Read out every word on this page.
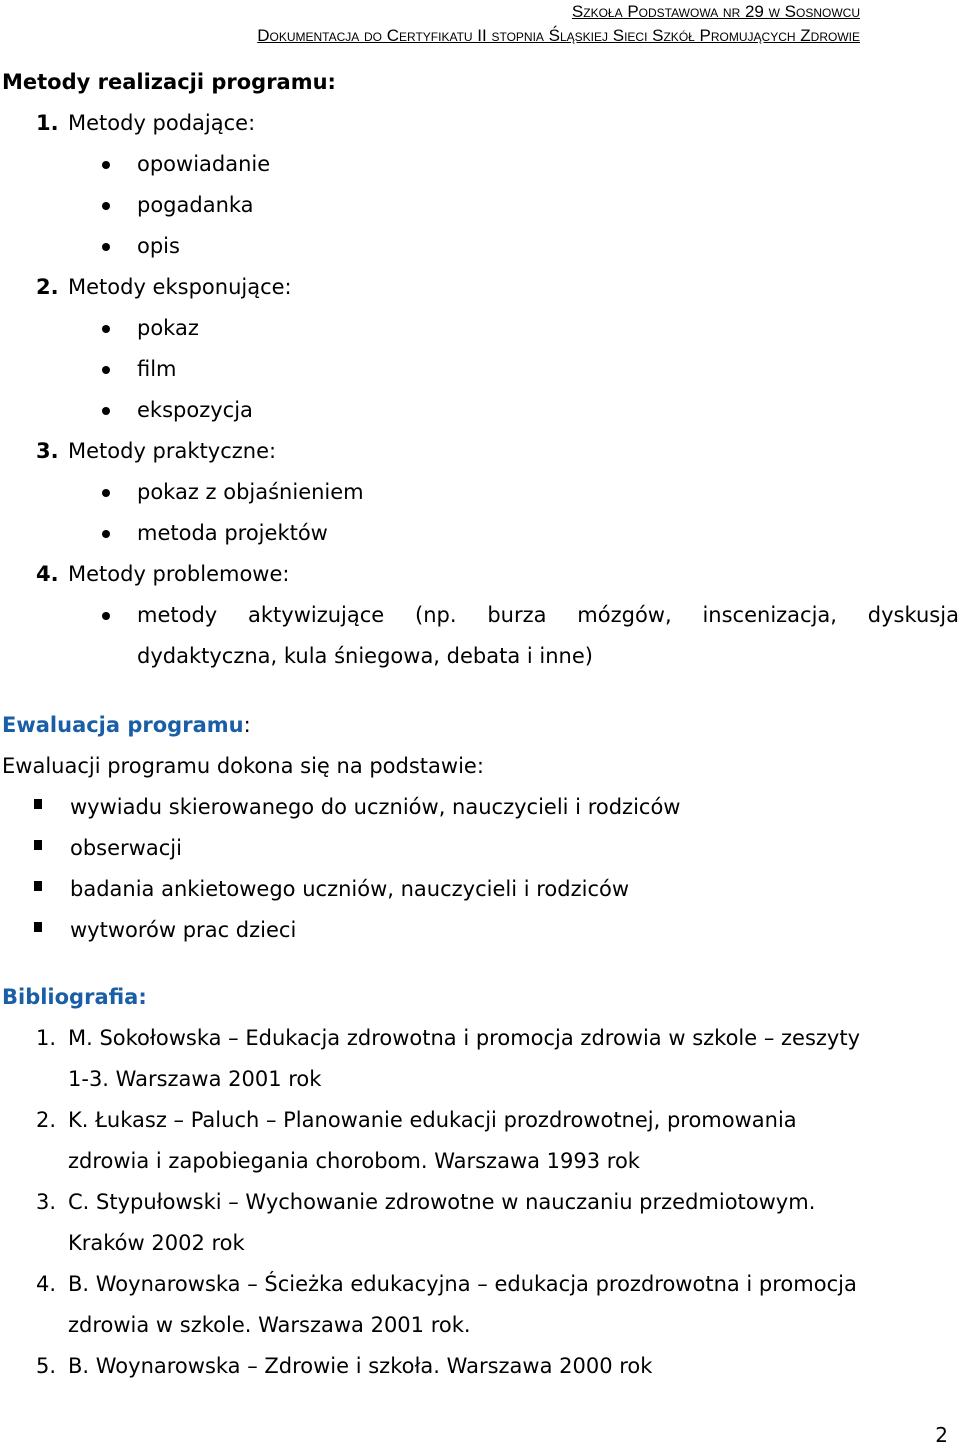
Szkoła Podstawowa nr 29 w Sosnowcu
Dokumentacja do Certyfikatu II stopnia Śląskiej Sieci Szkół Promujących Zdrowie
Metody realizacji programu:
1. Metody podające:
opowiadanie
pogadanka
opis
2. Metody eksponujące:
pokaz
film
ekspozycja
3. Metody praktyczne:
pokaz z objaśnieniem
metoda projektów
4. Metody problemowe:
metody aktywizujące (np. burza mózgów, inscenizacja, dyskusja
dydaktyczna, kula śniegowa, debata i inne)
Ewaluacja programu:
Ewaluacji programu dokona się na podstawie:
wywiadu skierowanego do uczniów, nauczycieli i rodziców
obserwacji
badania ankietowego uczniów, nauczycieli i rodziców
wytworów prac dzieci
Bibliografia:
1. M. Sokołowska – Edukacja zdrowotna i promocja zdrowia w szkole – zeszyty
1-3. Warszawa 2001 rok
2. K. Łukasz – Paluch – Planowanie edukacji prozdrowotnej, promowania
zdrowia i zapobiegania chorobom. Warszawa 1993 rok
3. C. Stypułowski – Wychowanie zdrowotne w nauczaniu przedmiotowym.
Kraków 2002 rok
4. B. Woynarowska – Ścieżka edukacyjna – edukacja prozdrowotna i promocja
zdrowia w szkole. Warszawa 2001 rok.
5. B. Woynarowska – Zdrowie i szkoła. Warszawa 2000 rok
2
